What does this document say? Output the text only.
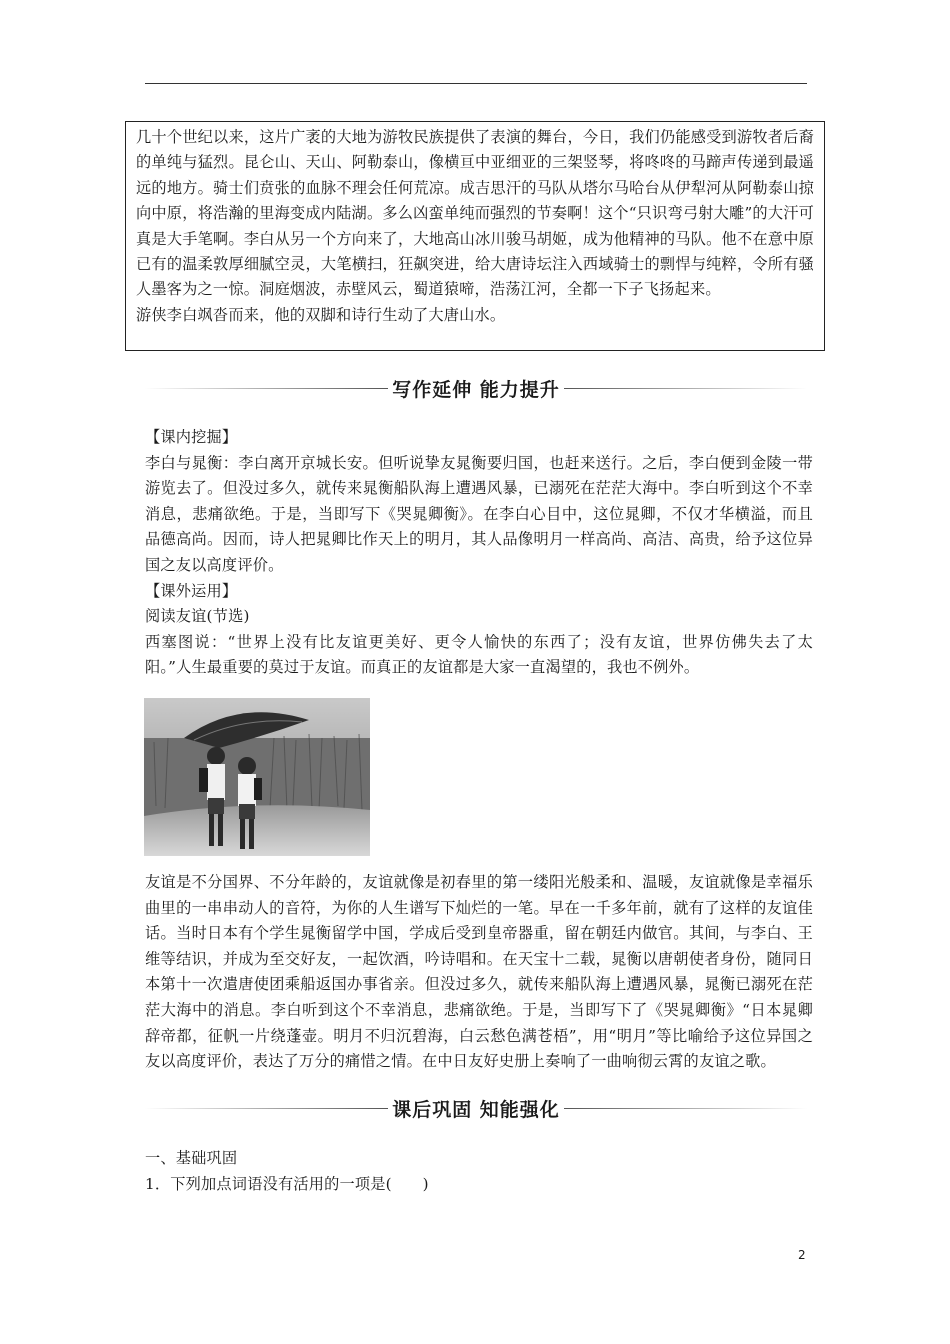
几十个世纪以来，这片广袤的大地为游牧民族提供了表演的舞台，今日，我们仍能感受到游牧者后裔的单纯与猛烈。昆仑山、天山、阿勒泰山，像横亘中亚细亚的三架竖琴，将咚咚的马蹄声传递到最遥远的地方。骑士们贲张的血脉不理会任何荒凉。成吉思汗的马队从塔尔马哈台从伊犁河从阿勒泰山掠向中原，将浩瀚的里海变成内陆湖。多么凶蛮单纯而强烈的节奏啊！这个“只识弯弓射大雕”的大汗可真是大手笔啊。李白从另一个方向来了，大地高山冰川骏马胡姬，成为他精神的马队。他不在意中原已有的温柔敦厚细腻空灵，大笔横扫，狂飙突进，给大唐诗坛注入西域骑士的剽悍与纯粹，令所有骚人墨客为之一惊。洞庭烟波，赤壁风云，蜀道猿啼，浩荡江河，全都一下子飞扬起来。

游侠李白飒沓而来，他的双脚和诗行生动了大唐山水。

写作延伸 能力提升

【课内挖掘】

李白与晁衡：李白离开京城长安。但听说挚友晁衡要归国，也赶来送行。之后，李白便到金陵一带游览去了。但没过多久，就传来晁衡船队海上遭遇风暴，已溺死在茫茫大海中。李白听到这个不幸消息，悲痛欲绝。于是，当即写下《哭晁卿衡》。在李白心目中，这位晁卿，不仅才华横溢，而且品德高尚。因而，诗人把晁卿比作天上的明月，其人品像明月一样高尚、高洁、高贵，给予这位异国之友以高度评价。

【课外运用】

阅读友谊(节选)

西塞图说：“世界上没有比友谊更美好、更令人愉快的东西了；没有友谊，世界仿佛失去了太阳。”人生最重要的莫过于友谊。而真正的友谊都是大家一直渴望的，我也不例外。

友谊是不分国界、不分年龄的，友谊就像是初春里的第一缕阳光般柔和、温暖，友谊就像是幸福乐曲里的一串串动人的音符，为你的人生谱写下灿烂的一笔。早在一千多年前，就有了这样的友谊佳话。当时日本有个学生晁衡留学中国，学成后受到皇帝器重，留在朝廷内做官。其间，与李白、王维等结识，并成为至交好友，一起饮酒，吟诗唱和。在天宝十二载，晁衡以唐朝使者身份，随同日本第十一次遣唐使团乘船返国办事省亲。但没过多久，就传来船队海上遭遇风暴，晁衡已溺死在茫茫大海中的消息。李白听到这个不幸消息，悲痛欲绝。于是，当即写下了《哭晁卿衡》“日本晁卿辞帝都，征帆一片绕蓬壶。明月不归沉碧海，白云愁色满苍梧”，用“明月”等比喻给予这位异国之友以高度评价，表达了万分的痛惜之情。在中日友好史册上奏响了一曲响彻云霄的友谊之歌。

课后巩固 知能强化

一、基础巩固

1．下列加点词语没有活用的一项是(　　)

2
